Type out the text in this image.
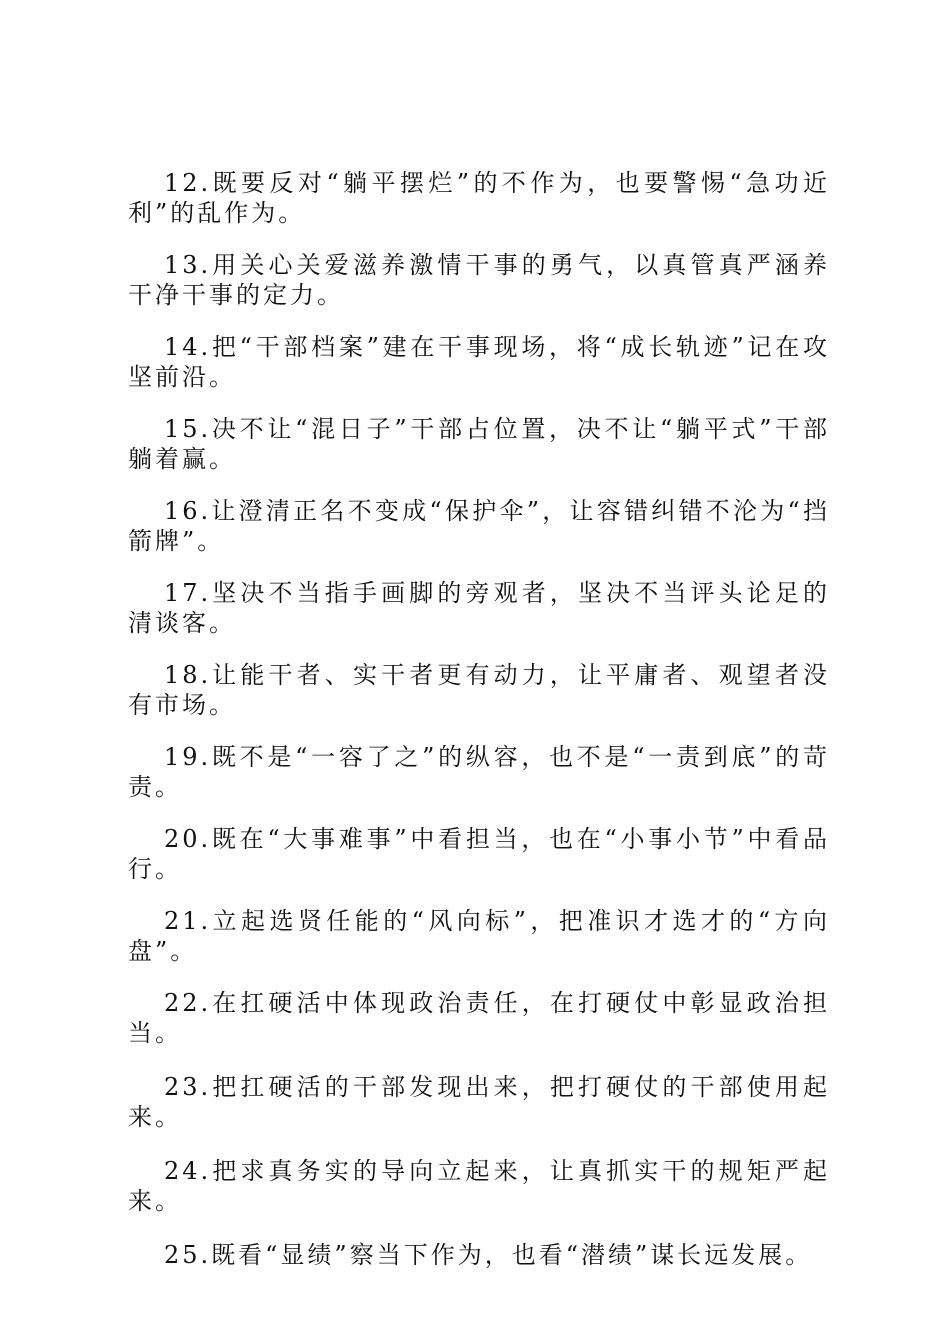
12.既要反对“躺平摆烂”的不作为，也要警惕“急功近利”的乱作为。

13.用关心关爱滋养激情干事的勇气，以真管真严涵养干净干事的定力。

14.把“干部档案”建在干事现场，将“成长轨迹”记在攻坚前沿。

15.决不让“混日子”干部占位置，决不让“躺平式”干部躺着赢。

16.让澄清正名不变成“保护伞”，让容错纠错不沦为“挡箭牌”。

17.坚决不当指手画脚的旁观者，坚决不当评头论足的清谈客。

18.让能干者、实干者更有动力，让平庸者、观望者没有市场。

19.既不是“一容了之”的纵容，也不是“一责到底”的苛责。

20.既在“大事难事”中看担当，也在“小事小节”中看品行。

21.立起选贤任能的“风向标”，把准识才选才的“方向盘”。

22.在扛硬活中体现政治责任，在打硬仗中彰显政治担当。

23.把扛硬活的干部发现出来，把打硬仗的干部使用起来。

24.把求真务实的导向立起来，让真抓实干的规矩严起来。

25.既看“显绩”察当下作为，也看“潜绩”谋长远发展。
